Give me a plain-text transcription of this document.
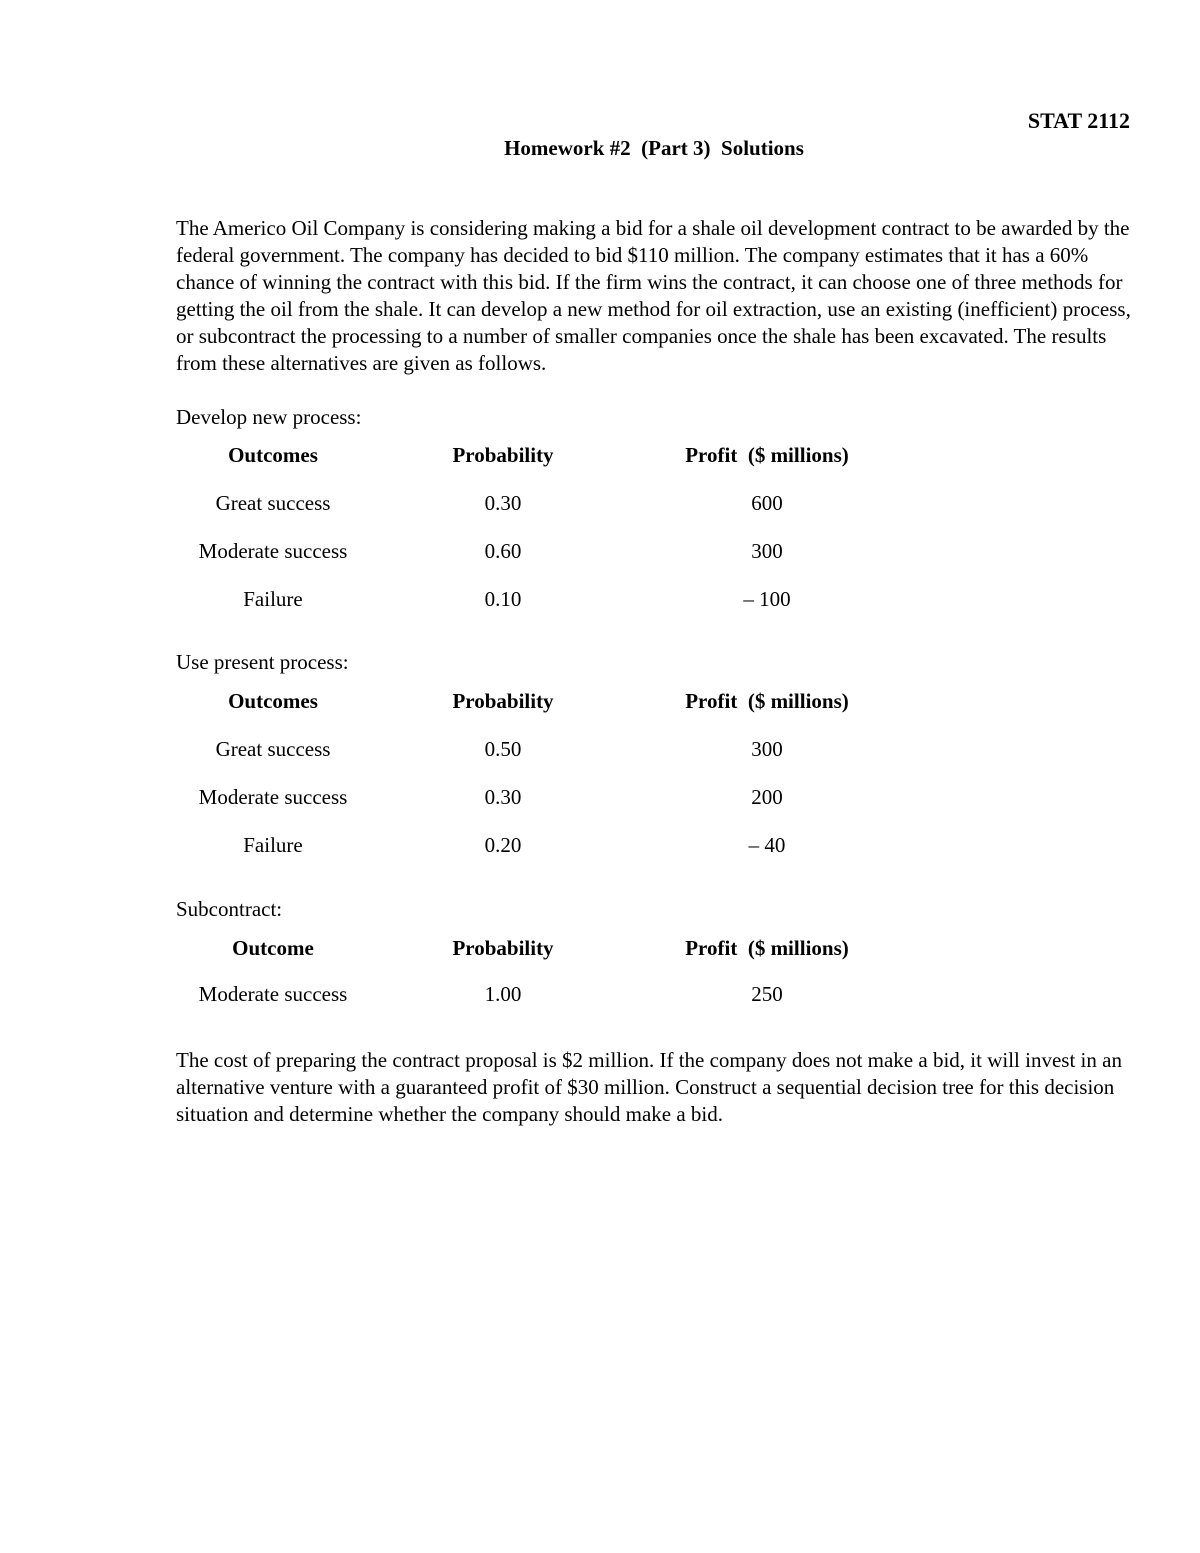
STAT 2112
Homework #2  (Part 3)  Solutions

The Americo Oil Company is considering making a bid for a shale oil development contract to be awarded by the federal government. The company has decided to bid $110 million. The company estimates that it has a 60% chance of winning the contract with this bid. If the firm wins the contract, it can choose one of three methods for getting the oil from the shale. It can develop a new method for oil extraction, use an existing (inefficient) process, or subcontract the processing to a number of smaller companies once the shale has been excavated. The results from these alternatives are given as follows.

Develop new process:

Outcomes	Probability	Profit  ($ millions)
Great success	0.30	600
Moderate success	0.60	300
Failure	0.10	– 100

Use present process:

Outcomes	Probability	Profit  ($ millions)
Great success	0.50	300
Moderate success	0.30	200
Failure	0.20	– 40

Subcontract:

Outcome	Probability	Profit  ($ millions)
Moderate success	1.00	250

The cost of preparing the contract proposal is $2 million. If the company does not make a bid, it will invest in an alternative venture with a guaranteed profit of $30 million. Construct a sequential decision tree for this decision situation and determine whether the company should make a bid.
